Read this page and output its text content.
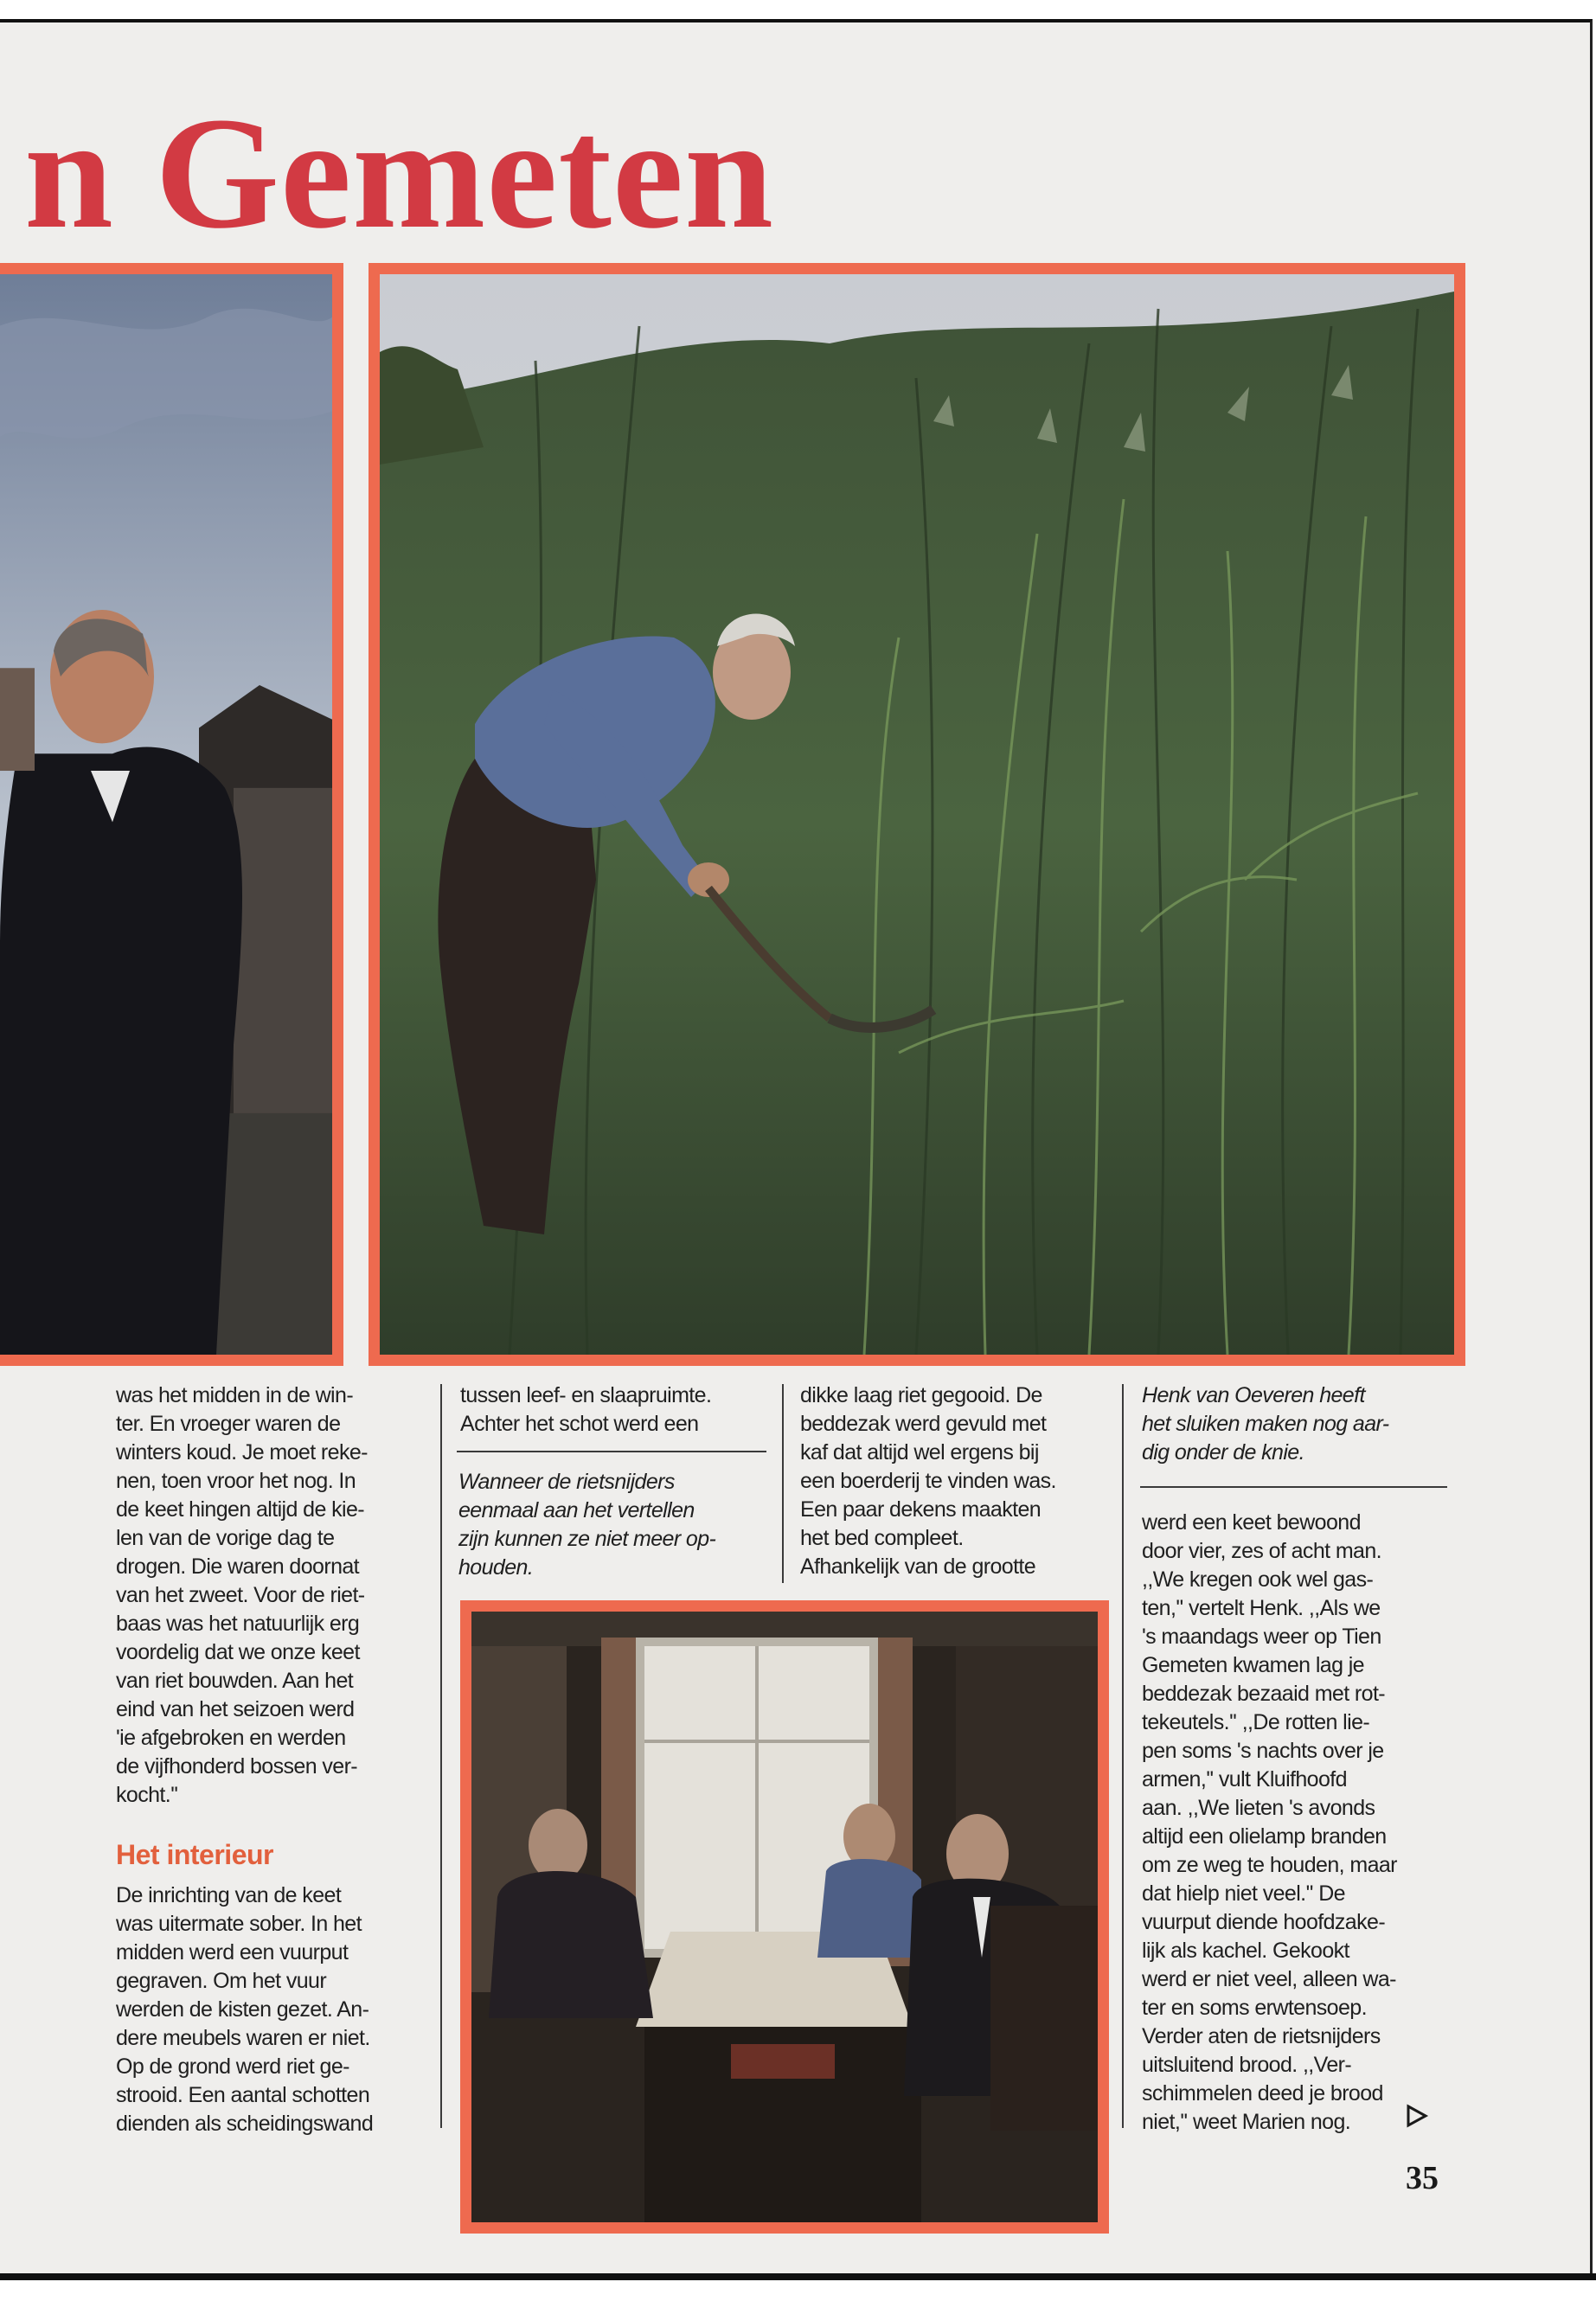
n Gemeten

was het midden in de win-
ter. En vroeger waren de
winters koud. Je moet reke-
nen, toen vroor het nog. In
de keet hingen altijd de kie-
len van de vorige dag te
drogen. Die waren doornat
van het zweet. Voor de riet-
baas was het natuurlijk erg
voordelig dat we onze keet
van riet bouwden. Aan het
eind van het seizoen werd
'ie afgebroken en werden
de vijfhonderd bossen ver-
kocht.''

Het interieur

De inrichting van de keet
was uitermate sober. In het
midden werd een vuurput
gegraven. Om het vuur
werden de kisten gezet. An-
dere meubels waren er niet.
Op de grond werd riet ge-
strooid. Een aantal schotten
dienden als scheidingswand

tussen leef- en slaapruimte.
Achter het schot werd een

Wanneer de rietsnijders
eenmaal aan het vertellen
zijn kunnen ze niet meer op-
houden.

dikke laag riet gegooid. De
beddezak werd gevuld met
kaf dat altijd wel ergens bij
een boerderij te vinden was.
Een paar dekens maakten
het bed compleet.
Afhankelijk van de grootte

Henk van Oeveren heeft
het sluiken maken nog aar-
dig onder de knie.

werd een keet bewoond
door vier, zes of acht man.
,,We kregen ook wel gas-
ten,'' vertelt Henk. ,,Als we
's maandags weer op Tien
Gemeten kwamen lag je
beddezak bezaaid met rot-
tekeutels.'' ,,De rotten lie-
pen soms 's nachts over je
armen,'' vult Kluifhoofd
aan. ,,We lieten 's avonds
altijd een olielamp branden
om ze weg te houden, maar
dat hielp niet veel.'' De
vuurput diende hoofdzake-
lijk als kachel. Gekookt
werd er niet veel, alleen wa-
ter en soms erwtensoep.
Verder aten de rietsnijders
uitsluitend brood. ,,Ver-
schimmelen deed je brood
niet,'' weet Marien nog.

35
